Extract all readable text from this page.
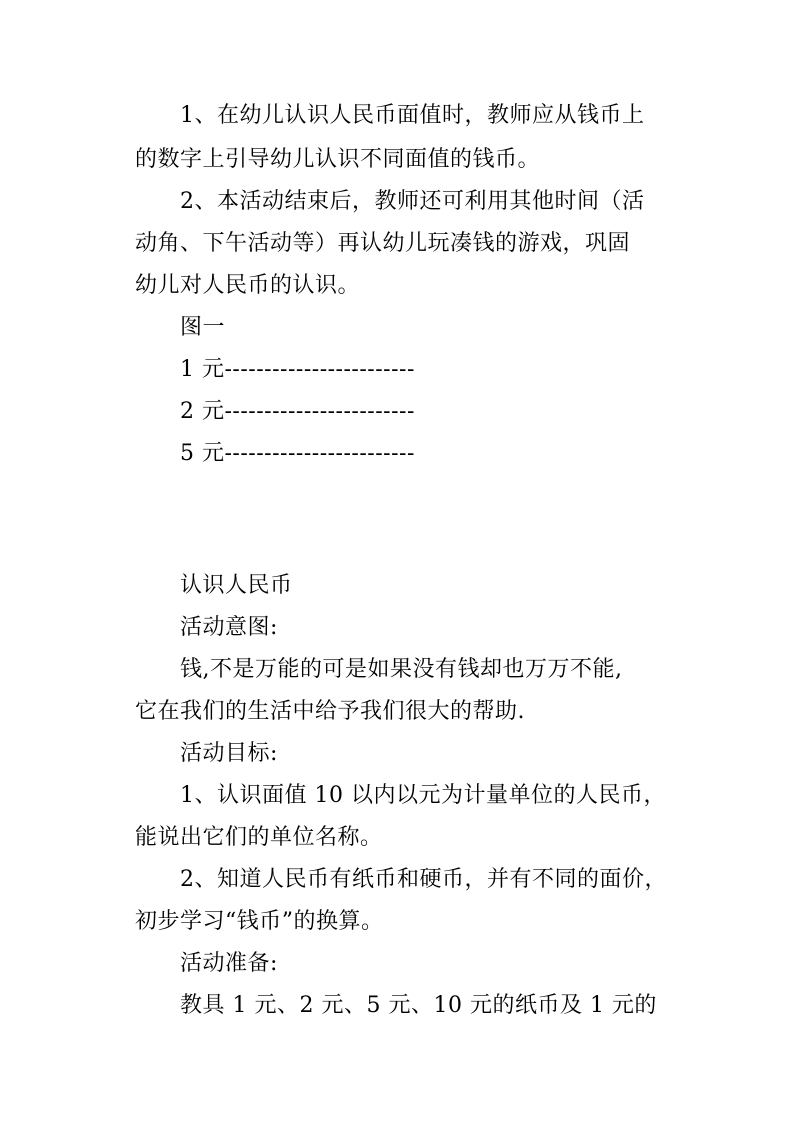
1、在幼儿认识人民币面值时，教师应从钱币上
的数字上引导幼儿认识不同面值的钱币。
2、本活动结束后，教师还可利用其他时间（活
动角、下午活动等）再认幼儿玩凑钱的游戏，巩固
幼儿对人民币的认识。
图一
1 元------------------------
2 元------------------------
5 元------------------------
认识人民币
活动意图:
钱,不是万能的可是如果没有钱却也万万不能,
它在我们的生活中给予我们很大的帮助.
活动目标:
1、认识面值 10 以内以元为计量单位的人民币，
能说出它们的单位名称。
2、知道人民币有纸币和硬币，并有不同的面价，
初步学习“钱币”的换算。
活动准备:
教具 1 元、2 元、5 元、10 元的纸币及 1 元的
